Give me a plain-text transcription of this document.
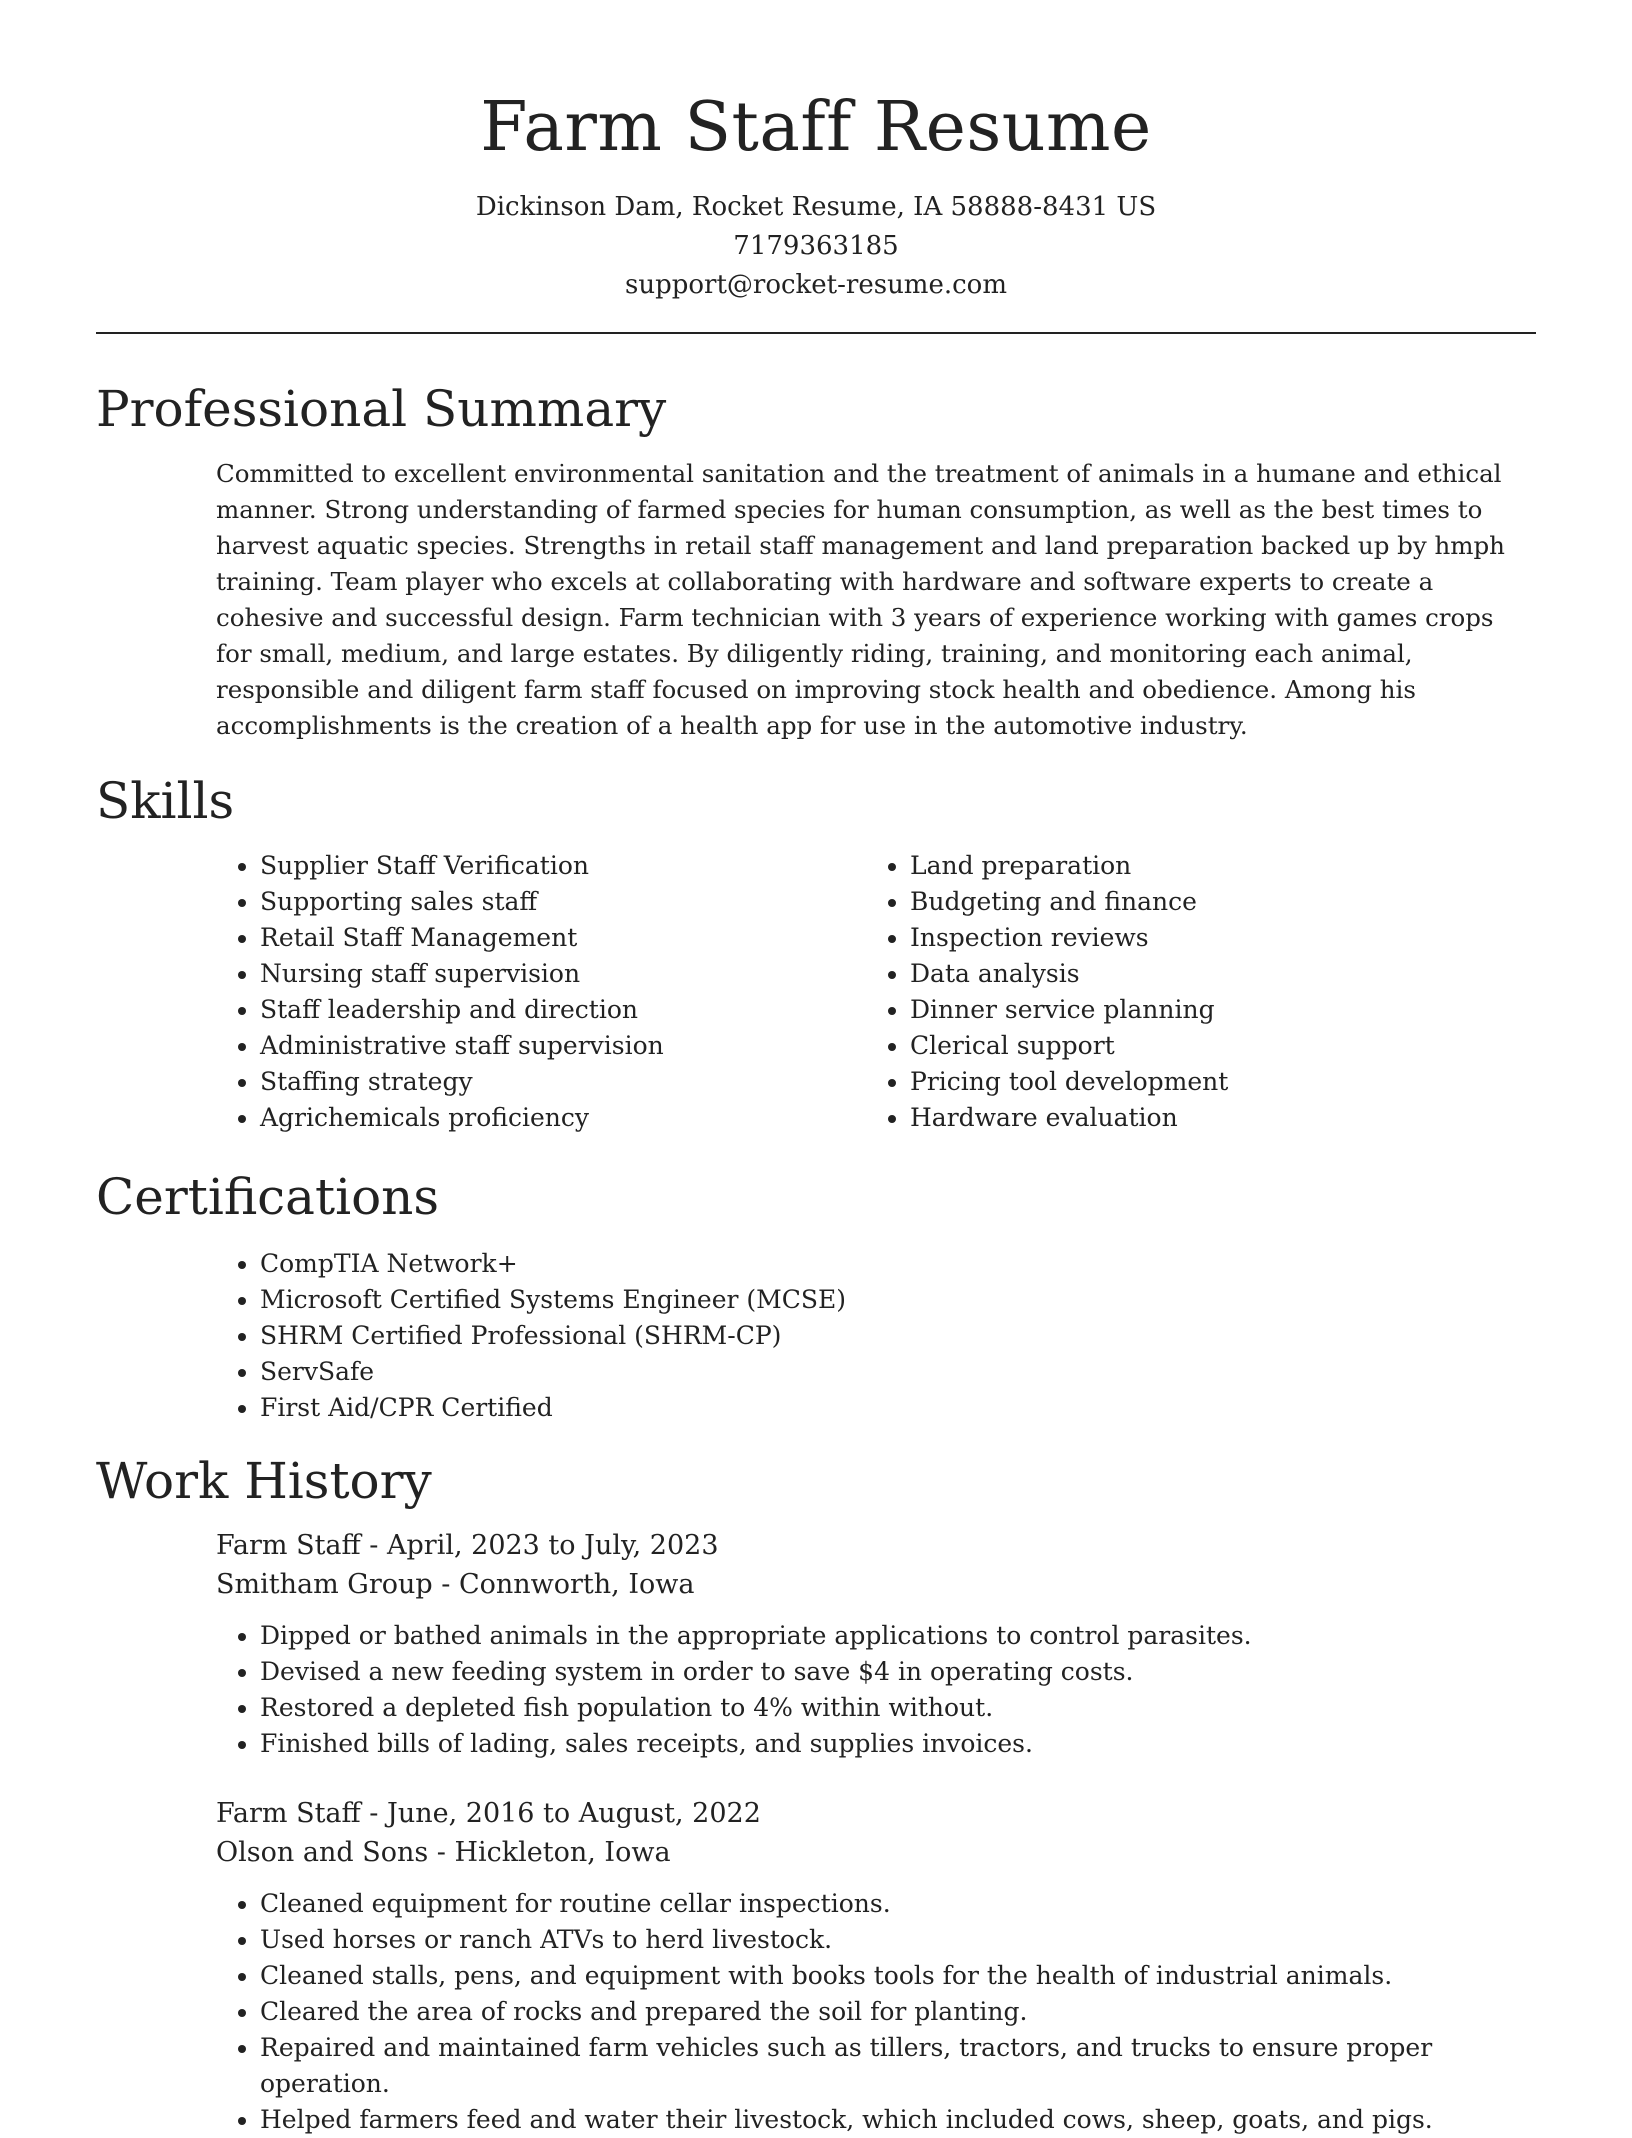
Farm Staff Resume
Dickinson Dam, Rocket Resume, IA 58888-8431 US
7179363185
support@rocket-resume.com
Professional Summary

Committed to excellent environmental sanitation and the treatment of animals in a humane and ethical manner. Strong understanding of farmed species for human consumption, as well as the best times to harvest aquatic species. Strengths in retail staff management and land preparation backed up by hmph training. Team player who excels at collaborating with hardware and software experts to create a cohesive and successful design. Farm technician with 3 years of experience working with games crops for small, medium, and large estates. By diligently riding, training, and monitoring each animal, responsible and diligent farm staff focused on improving stock health and obedience. Among his accomplishments is the creation of a health app for use in the automotive industry.

Skills
• Supplier Staff Verification
• Supporting sales staff
• Retail Staff Management
• Nursing staff supervision
• Staff leadership and direction
• Administrative staff supervision
• Staffing strategy
• Agrichemicals proficiency
• Land preparation
• Budgeting and finance
• Inspection reviews
• Data analysis
• Dinner service planning
• Clerical support
• Pricing tool development
• Hardware evaluation
Certifications
• CompTIA Network+
• Microsoft Certified Systems Engineer (MCSE)
• SHRM Certified Professional (SHRM-CP)
• ServSafe
• First Aid/CPR Certified
Work History
Farm Staff - April, 2023 to July, 2023
Smitham Group - Connworth, Iowa
• Dipped or bathed animals in the appropriate applications to control parasites.
• Devised a new feeding system in order to save $4 in operating costs.
• Restored a depleted fish population to 4% within without.
• Finished bills of lading, sales receipts, and supplies invoices.
Farm Staff - June, 2016 to August, 2022
Olson and Sons - Hickleton, Iowa
• Cleaned equipment for routine cellar inspections.
• Used horses or ranch ATVs to herd livestock.
• Cleaned stalls, pens, and equipment with books tools for the health of industrial animals.
• Cleared the area of rocks and prepared the soil for planting.
• Repaired and maintained farm vehicles such as tillers, tractors, and trucks to ensure proper operation.
• Helped farmers feed and water their livestock, which included cows, sheep, goats, and pigs.
